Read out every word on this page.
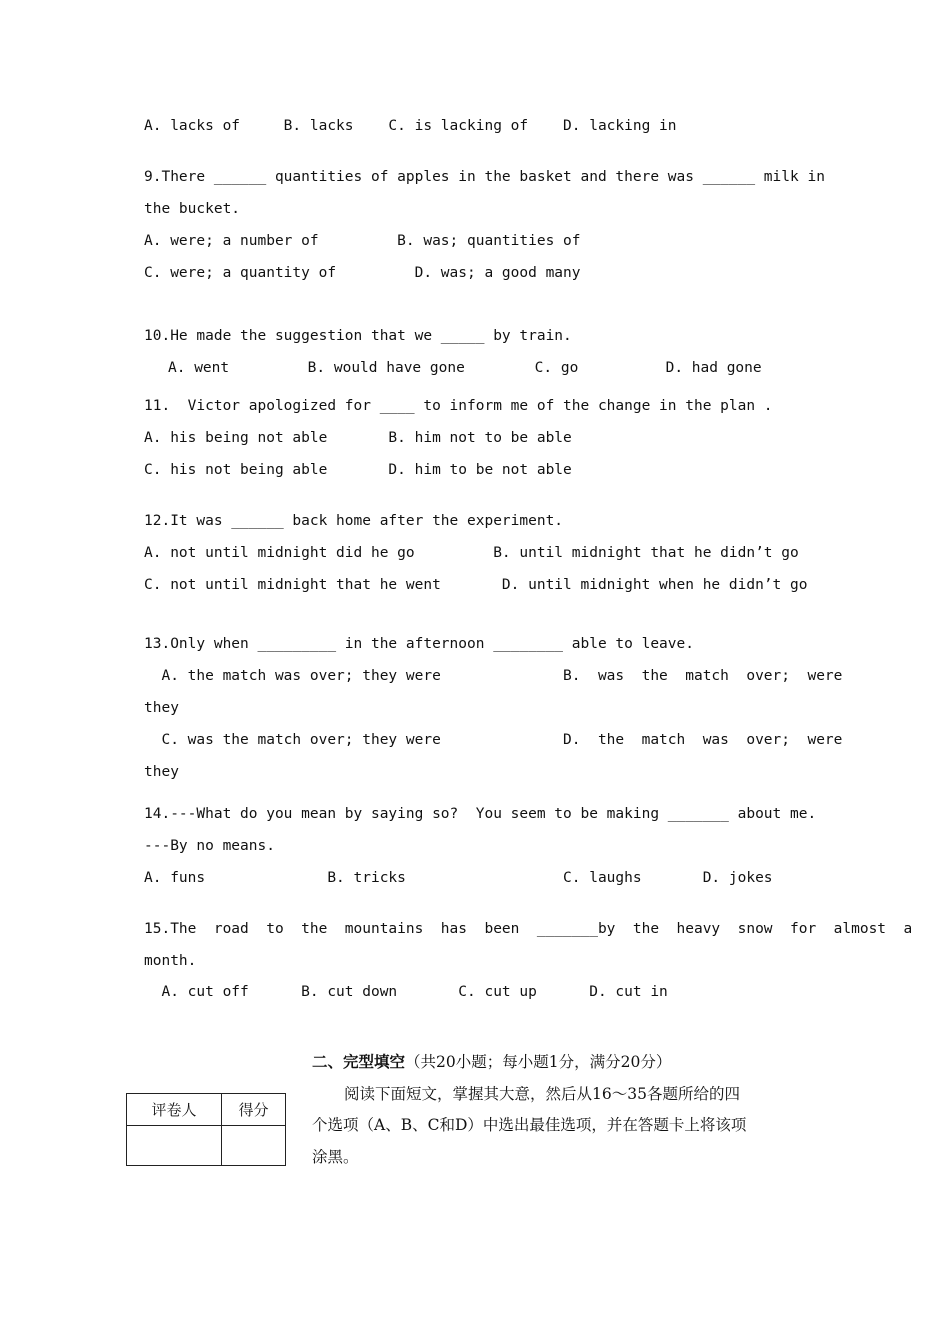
A. lacks of     B. lacks    C. is lacking of    D. lacking in
9.There ______ quantities of apples in the basket and there was ______ milk in
the bucket.
A. were; a number of         B. was; quantities of
C. were; a quantity of         D. was; a good many
10.He made the suggestion that we _____ by train.
A. went         B. would have gone        C. go          D. had gone
11.  Victor apologized for ____ to inform me of the change in the plan .
A. his being not able       B. him not to be able
C. his not being able       D. him to be not able
12.It was ______ back home after the experiment.
A. not until midnight did he go         B. until midnight that he didn’t go
C. not until midnight that he went       D. until midnight when he didn’t go
13.Only when _________ in the afternoon ________ able to leave.
A. the match was over; they were              B.  was  the  match  over;  were
they
C. was the match over; they were              D.  the  match  was  over;  were
they
14.---What do you mean by saying so?  You seem to be making _______ about me.
---By no means.
A. funs              B. tricks                  C. laughs       D. jokes
15.The  road  to  the  mountains  has  been  _______by  the  heavy  snow  for  almost  a
month.
A. cut off      B. cut down       C. cut up      D. cut in
二、完型填空（共20小题；每小题1分，满分20分）
阅读下面短文，掌握其大意，然后从16～35各题所给的四
个选项（A、B、C和D）中选出最佳选项，并在答题卡上将该项
涂黑。
评卷人	得分
